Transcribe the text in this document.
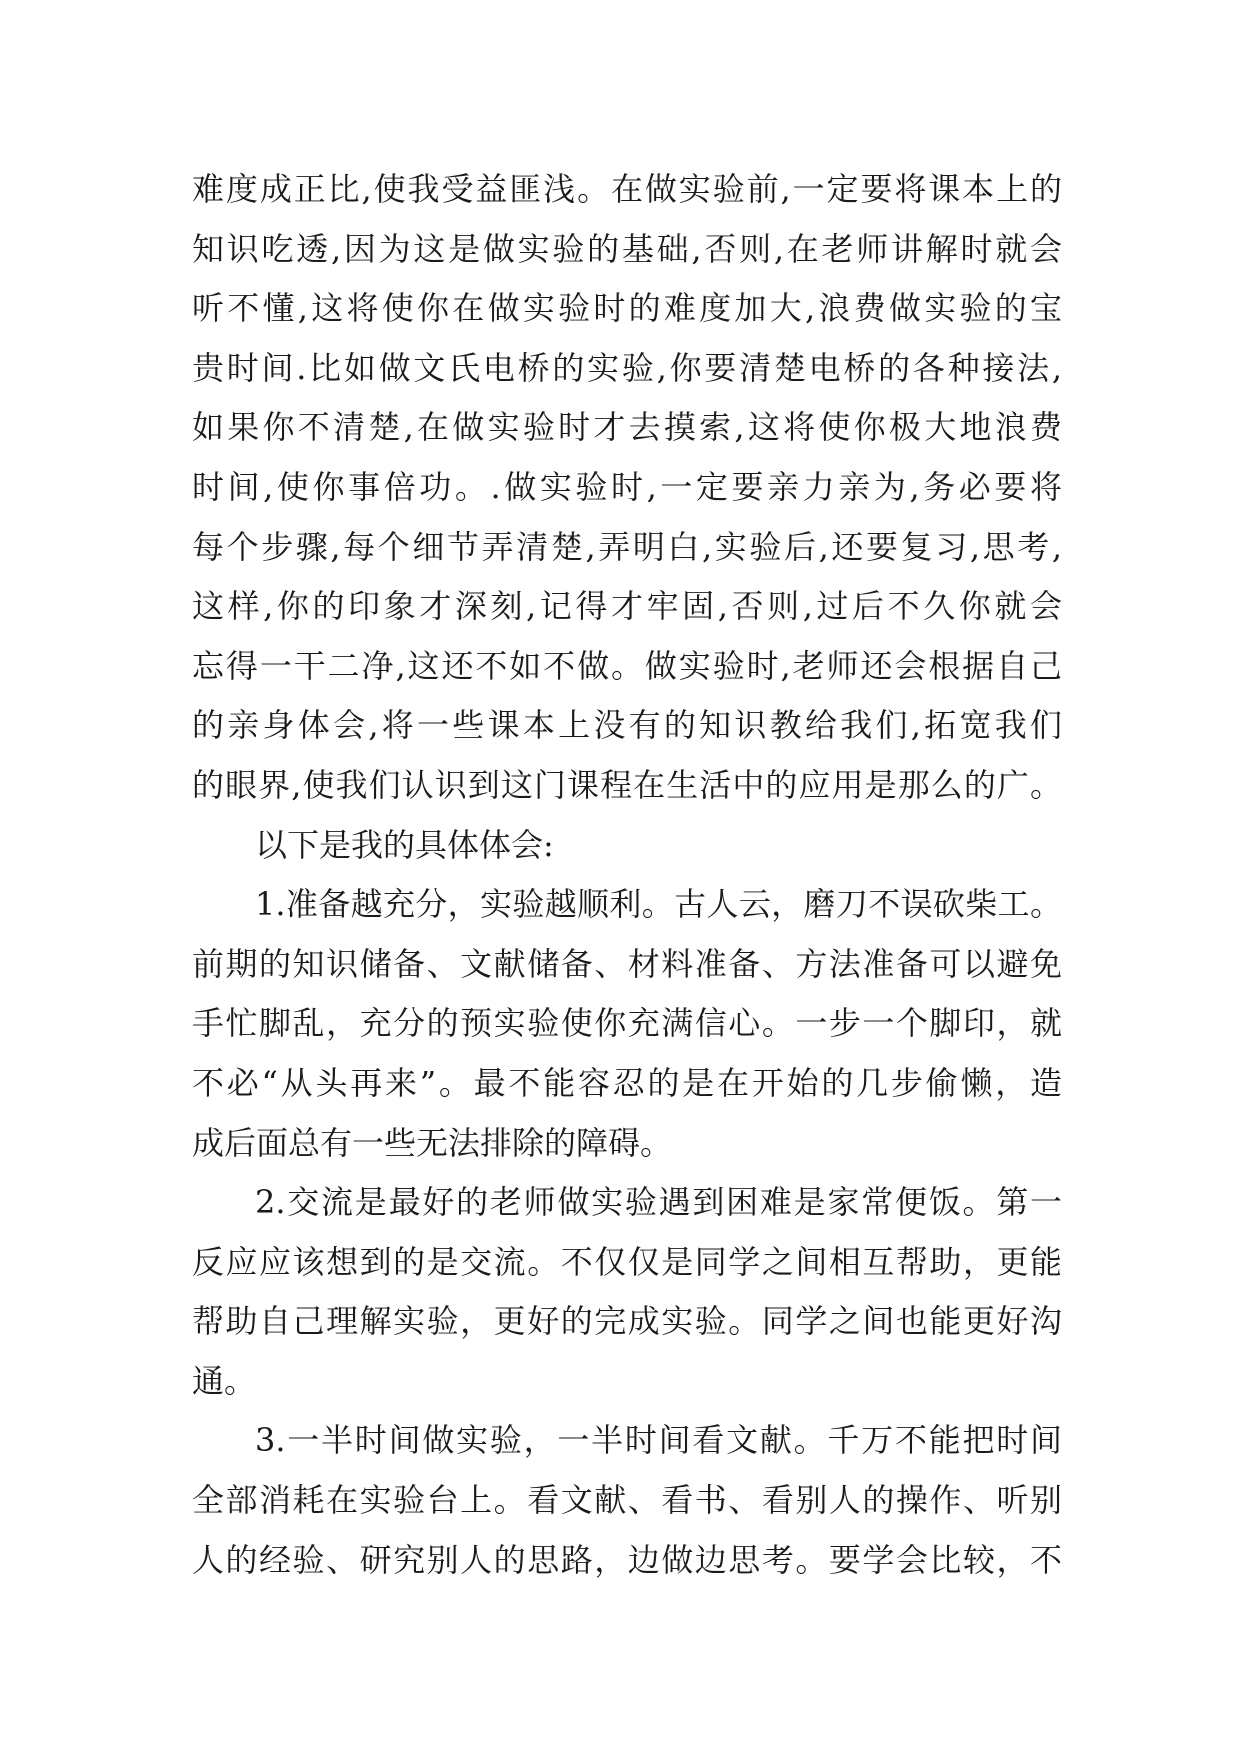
难度成正比,使我受益匪浅。在做实验前,一定要将课本上的
知识吃透,因为这是做实验的基础,否则,在老师讲解时就会
听不懂,这将使你在做实验时的难度加大,浪费做实验的宝
贵时间.比如做文氏电桥的实验,你要清楚电桥的各种接法,
如果你不清楚,在做实验时才去摸索,这将使你极大地浪费
时间,使你事倍功。.做实验时,一定要亲力亲为,务必要将
每个步骤,每个细节弄清楚,弄明白,实验后,还要复习,思考,
这样,你的印象才深刻,记得才牢固,否则,过后不久你就会
忘得一干二净,这还不如不做。做实验时,老师还会根据自己
的亲身体会,将一些课本上没有的知识教给我们,拓宽我们
的眼界,使我们认识到这门课程在生活中的应用是那么的广。
以下是我的具体体会:
1.准备越充分，实验越顺利。古人云，磨刀不误砍柴工。
前期的知识储备、文献储备、材料准备、方法准备可以避免
手忙脚乱，充分的预实验使你充满信心。一步一个脚印，就
不必“从头再来”。最不能容忍的是在开始的几步偷懒，造
成后面总有一些无法排除的障碍。
2.交流是最好的老师做实验遇到困难是家常便饭。第一
反应应该想到的是交流。不仅仅是同学之间相互帮助，更能
帮助自己理解实验，更好的完成实验。同学之间也能更好沟
通。
3.一半时间做实验，一半时间看文献。千万不能把时间
全部消耗在实验台上。看文献、看书、看别人的操作、听别
人的经验、研究别人的思路，边做边思考。要学会比较，不
